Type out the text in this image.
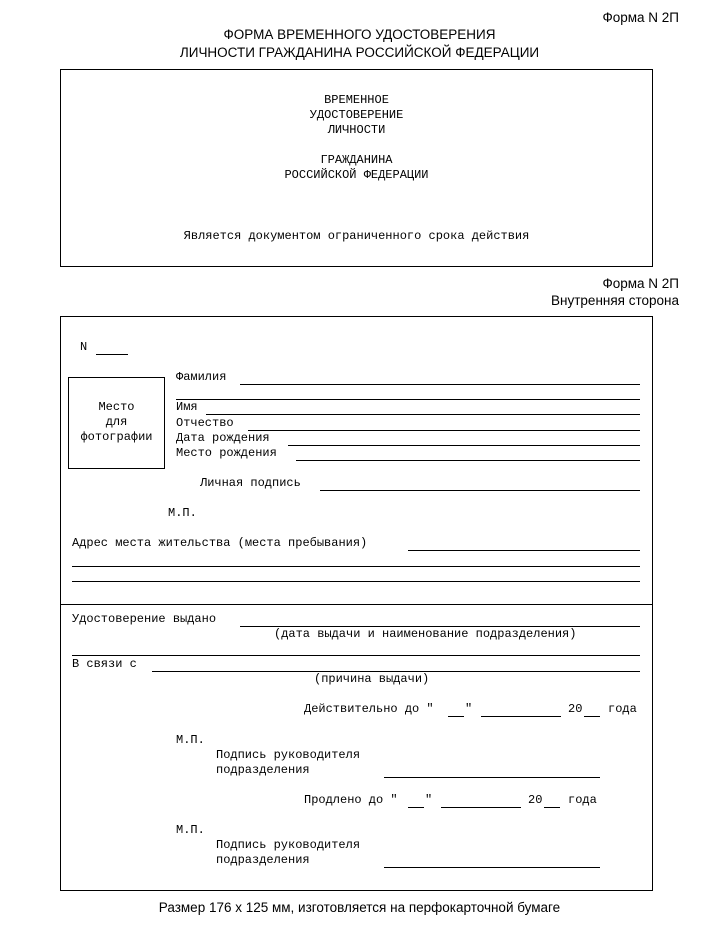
Форма N 2П
ФОРМА ВРЕМЕННОГО УДОСТОВЕРЕНИЯ
ЛИЧНОСТИ ГРАЖДАНИНА РОССИЙСКОЙ ФЕДЕРАЦИИ
ВРЕМЕННОЕ
УДОСТОВЕРЕНИЕ
ЛИЧНОСТИ
ГРАЖДАНИНА
РОССИЙСКОЙ ФЕДЕРАЦИИ
Является документом ограниченного срока действия
Форма N 2П
Внутренняя сторона
N
Место
для
фотографии
Фамилия
Имя
Отчество
Дата рождения
Место рождения
Личная подпись
М.П.
Адрес места жительства (места пребывания)
Удостоверение выдано
(дата выдачи и наименование подразделения)
В связи с
(причина выдачи)
Действительно до "	"	20 года
М.П.
Подпись руководителя
подразделения
Продлено до " "	20 года
М.П.
Подпись руководителя
подразделения
Размер 176 х 125 мм, изготовляется на перфокарточной бумаге
